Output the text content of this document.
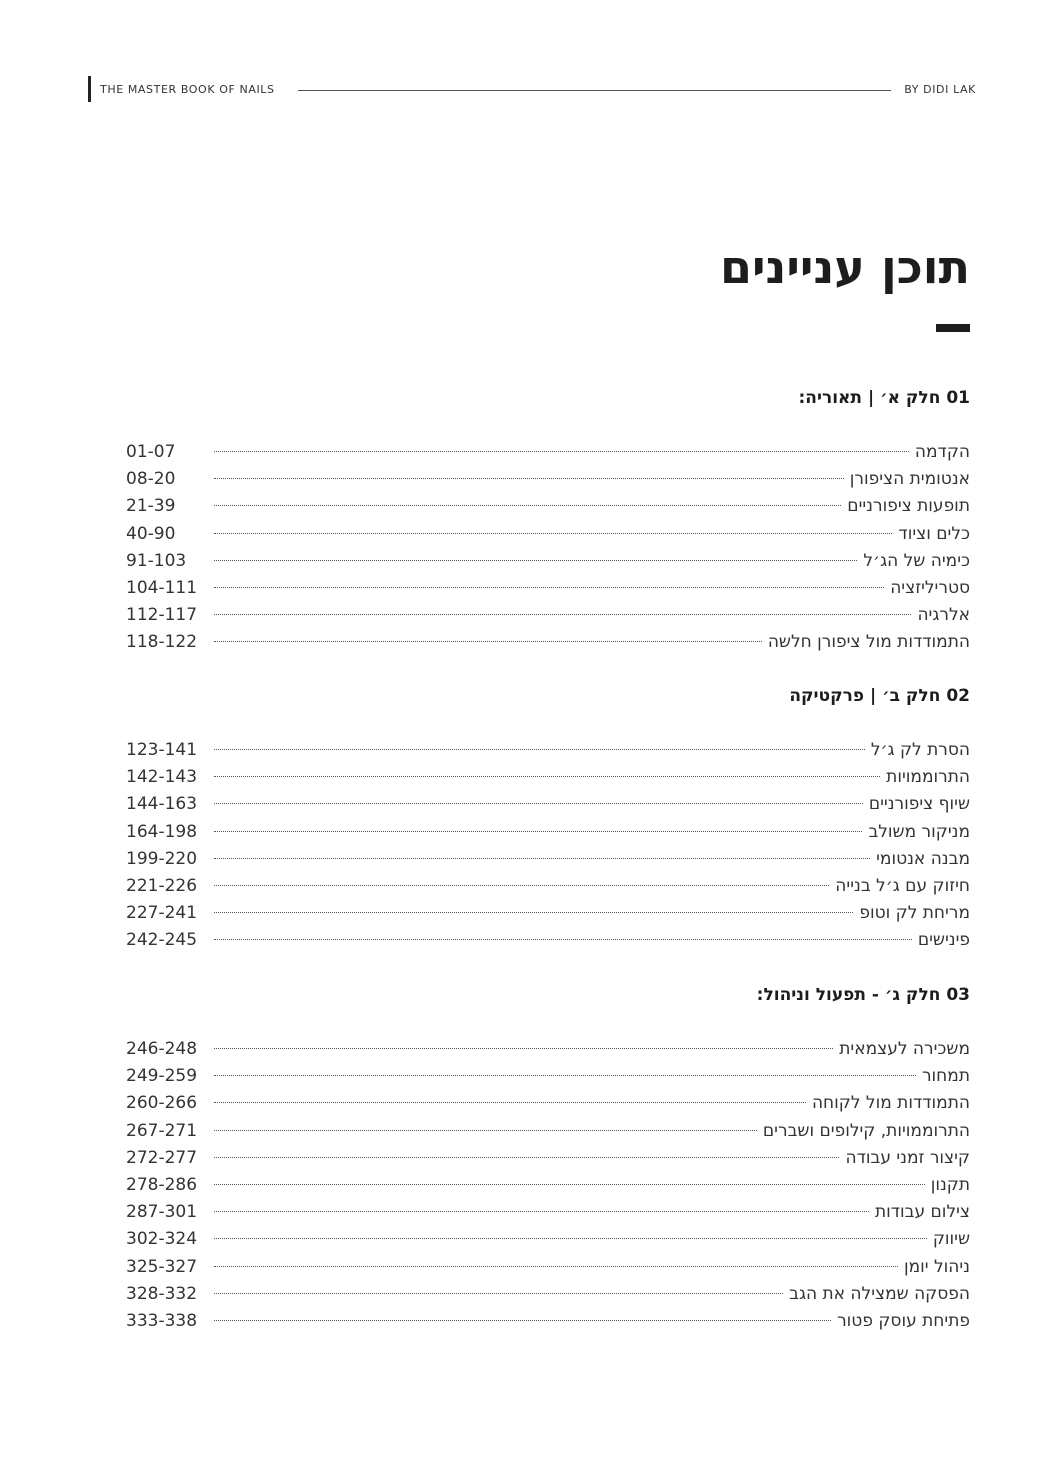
THE MASTER BOOK OF NAILS	BY DIDI LAK
תוכן עניינים
01 חלק א׳ | תאוריה:
הקדמה
01-07
אנטומית הציפורן
08-20
תופעות ציפורניים
21-39
כלים וציוד
40-90
כימיה של הג׳ל
91-103
סטריליזציה
104-111
אלרגיה
112-117
התמודדות מול ציפורן חלשה
118-122
02 חלק ב׳ | פרקטיקה
הסרת לק ג׳ל
123-141
התרוממויות
142-143
שיוף ציפורניים
144-163
מניקור משולב
164-198
מבנה אנטומי
199-220
חיזוק עם ג׳ל בנייה
221-226
מריחת לק וטופ
227-241
פינישים
242-245
03 חלק ג׳ - תפעול וניהול:
משכירה לעצמאית
246-248
תמחור
249-259
התמודדות מול לקוחה
260-266
התרוממויות, קילופים ושברים
267-271
קיצור זמני עבודה
272-277
תקנון
278-286
צילום עבודות
287-301
שיווק
302-324
ניהול יומן
325-327
הפסקה שמצילה את הגב
328-332
פתיחת עוסק פטור
333-338
